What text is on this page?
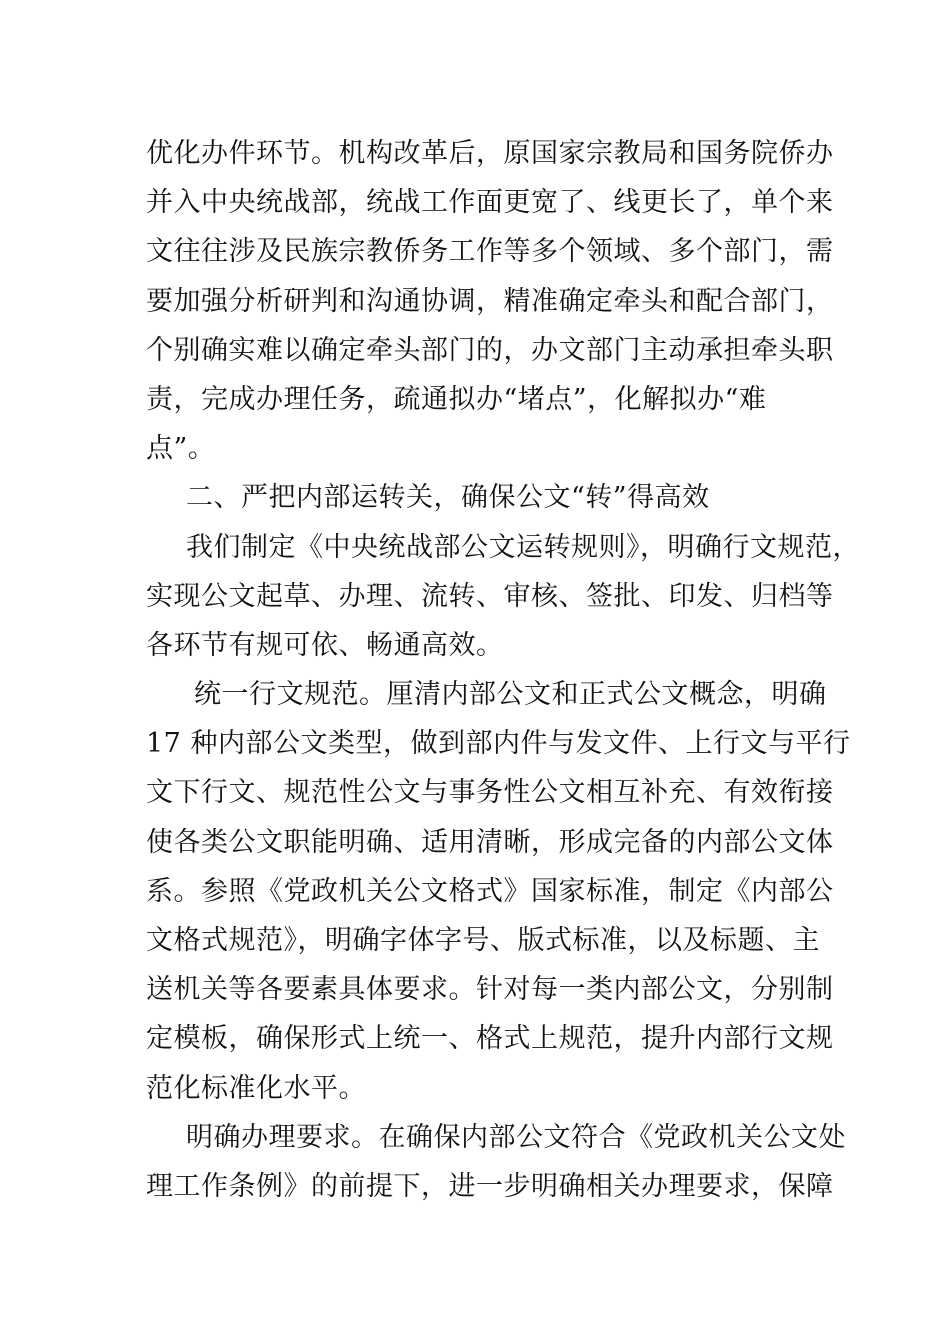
优化办件环节。机构改革后，原国家宗教局和国务院侨办
并入中央统战部，统战工作面更宽了、线更长了，单个来
文往往涉及民族宗教侨务工作等多个领域、多个部门，需
要加强分析研判和沟通协调，精准确定牵头和配合部门，
个别确实难以确定牵头部门的，办文部门主动承担牵头职
责，完成办理任务，疏通拟办“堵点”，化解拟办“难
点”。
二、严把内部运转关，确保公文“转”得高效
我们制定《中央统战部公文运转规则》，明确行文规范，
实现公文起草、办理、流转、审核、签批、印发、归档等
各环节有规可依、畅通高效。
统一行文规范。厘清内部公文和正式公文概念，明确
17 种内部公文类型，做到部内件与发文件、上行文与平行
文下行文、规范性公文与事务性公文相互补充、有效衔接
使各类公文职能明确、适用清晰，形成完备的内部公文体
系。参照《党政机关公文格式》国家标准，制定《内部公
文格式规范》，明确字体字号、版式标准，以及标题、主
送机关等各要素具体要求。针对每一类内部公文，分别制
定模板，确保形式上统一、格式上规范，提升内部行文规
范化标准化水平。
明确办理要求。在确保内部公文符合《党政机关公文处
理工作条例》的前提下，进一步明确相关办理要求，保障
